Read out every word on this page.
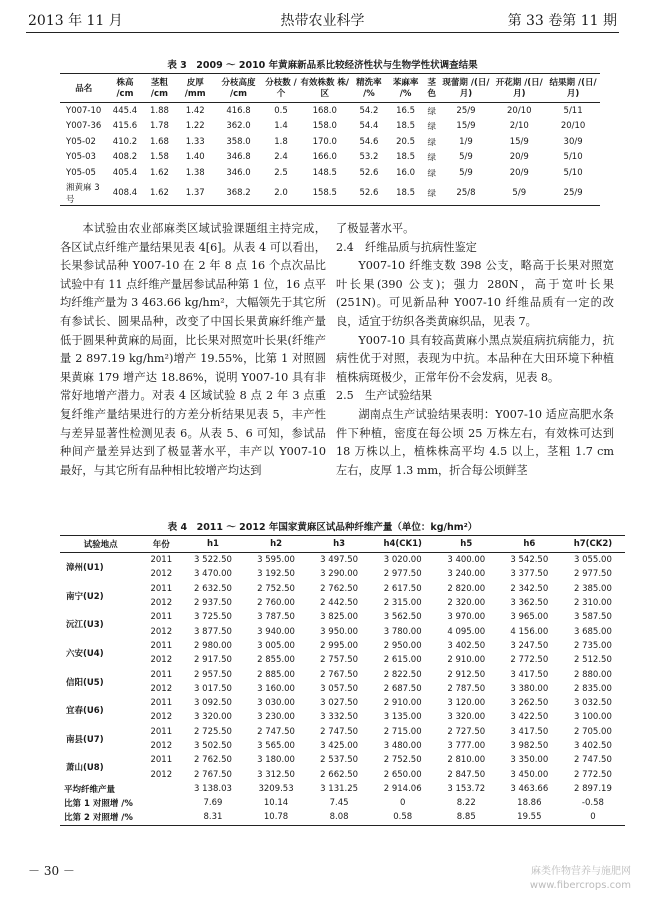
2013 年 11 月	热带农业科学	第 33 卷第 11 期
表 3　2009 ～ 2010 年黄麻新品系比较经济性状与生物学性状调查结果
品名	株高 /cm	茎粗 /cm	皮厚 /mm	分枝高度 /cm	分枝数 /个	有效株数 株/区	精洗率 /%	苯麻率 /%	茎色	现蕾期 /(日/月)	开花期 /(日/月)	结果期 /(日/月)
Y007-10	445.4	1.88	1.42	416.8	0.5	168.0	54.2	16.5	绿	25/9	20/10	5/11
Y007-36	415.6	1.78	1.22	362.0	1.4	158.0	54.4	18.5	绿	15/9	2/10	20/10
Y05-02	410.2	1.68	1.33	358.0	1.8	170.0	54.6	20.5	绿	1/9	15/9	30/9
Y05-03	408.2	1.58	1.40	346.8	2.4	166.0	53.2	18.5	绿	5/9	20/9	5/10
Y05-05	405.4	1.62	1.38	346.0	2.5	148.5	52.6	16.0	绿	5/9	20/9	5/10
湘黄麻 3 号	408.4	1.62	1.37	368.2	2.0	158.5	52.6	18.5	绿	25/8	5/9	25/9

本试验由农业部麻类区域试验课题组主持完成，各区试点纤维产量结果见表 4[6]。从表 4 可以看出，长果参试品种 Y007-10 在 2 年 8 点 16 个点次品比试验中有 11 点纤维产量居参试品种第 1 位，16 点平均纤维产量为 3 463.66 kg/hm²，大幅领先于其它所有参试长、圆果品种，改变了中国长果黄麻纤维产量低于圆果种黄麻的局面，比长果对照宽叶长果(纤维产量 2 897.19 kg/hm²)增产 19.55%，比第 1 对照圆果黄麻 179 增产达 18.86%，说明 Y007-10 具有非常好地增产潜力。对表 4 区域试验 8 点 2 年 3 点重复纤维产量结果进行的方差分析结果见表 5，丰产性与差异显著性检测见表 6。从表 5、6 可知，参试品种间产量差异达到了极显著水平，丰产以 Y007-10 最好，与其它所有品种相比较增产均达到

了极显著水平。

2.4　纤维品质与抗病性鉴定

Y007-10 纤维支数 398 公支，略高于长果对照宽叶长果(390 公支)；强力 280N，高于宽叶长果(251N)。可见新品种 Y007-10 纤维品质有一定的改良，适宜于纺织各类黄麻织品，见表 7。

Y007-10 具有较高黄麻小黑点炭疽病抗病能力，抗病性优于对照，表现为中抗。本品种在大田环境下种植植株病斑极少，正常年份不会发病，见表 8。

2.5　生产试验结果

湖南点生产试验结果表明：Y007-10 适应高肥水条件下种植，密度在每公顷 25 万株左右，有效株可达到 18 万株以上，植株株高平均 4.5 以上，茎粗 1.7 cm 左右，皮厚 1.3 mm，折合每公顷鲜茎

表 4　2011 ～ 2012 年国家黄麻区试品种纤维产量（单位：kg/hm²）
试验地点	年份	h1	h2	h3	h4(CK1)	h5	h6	h7(CK2)
漳州(U1)	2011	3 522.50	3 595.00	3 497.50	3 020.00	3 400.00	3 542.50	3 055.00
	2012	3 470.00	3 192.50	3 290.00	2 977.50	3 240.00	3 377.50	2 977.50
南宁(U2)	2011	2 632.50	2 752.50	2 762.50	2 617.50	2 820.00	2 342.50	2 385.00
	2012	2 937.50	2 760.00	2 442.50	2 315.00	2 320.00	3 362.50	2 310.00
沅江(U3)	2011	3 725.50	3 787.50	3 825.00	3 562.50	3 970.00	3 965.00	3 587.50
	2012	3 877.50	3 940.00	3 950.00	3 780.00	4 095.00	4 156.00	3 685.00
六安(U4)	2011	2 980.00	3 005.00	2 995.00	2 950.00	3 402.50	3 247.50	2 735.00
	2012	2 917.50	2 855.00	2 757.50	2 615.00	2 910.00	2 772.50	2 512.50
信阳(U5)	2011	2 957.50	2 885.00	2 767.50	2 822.50	2 912.50	3 417.50	2 880.00
	2012	3 017.50	3 160.00	3 057.50	2 687.50	2 787.50	3 380.00	2 835.00
宜春(U6)	2011	3 092.50	3 030.00	3 027.50	2 910.00	3 120.00	3 262.50	3 032.50
	2012	3 320.00	3 230.00	3 332.50	3 135.00	3 320.00	3 422.50	3 100.00
南县(U7)	2011	2 725.50	2 747.50	2 747.50	2 715.00	2 727.50	3 417.50	2 705.00
	2012	3 502.50	3 565.00	3 425.00	3 480.00	3 777.00	3 982.50	3 402.50
萧山(U8)	2011	2 762.50	3 180.00	2 537.50	2 752.50	2 810.00	3 350.00	2 747.50
	2012	2 767.50	3 312.50	2 662.50	2 650.00	2 847.50	3 450.00	2 772.50
平均纤维产量		3 138.03	3209.53	3 131.25	2 914.06	3 153.72	3 463.66	2 897.19
比第 1 对照增 /%		7.69	10.14	7.45	0	8.22	18.86	-0.58
比第 2 对照增 /%		8.31	10.78	8.08	0.58	8.85	19.55	0
－ 30 －	麻类作物营养与施肥网
www.fibercrops.com
